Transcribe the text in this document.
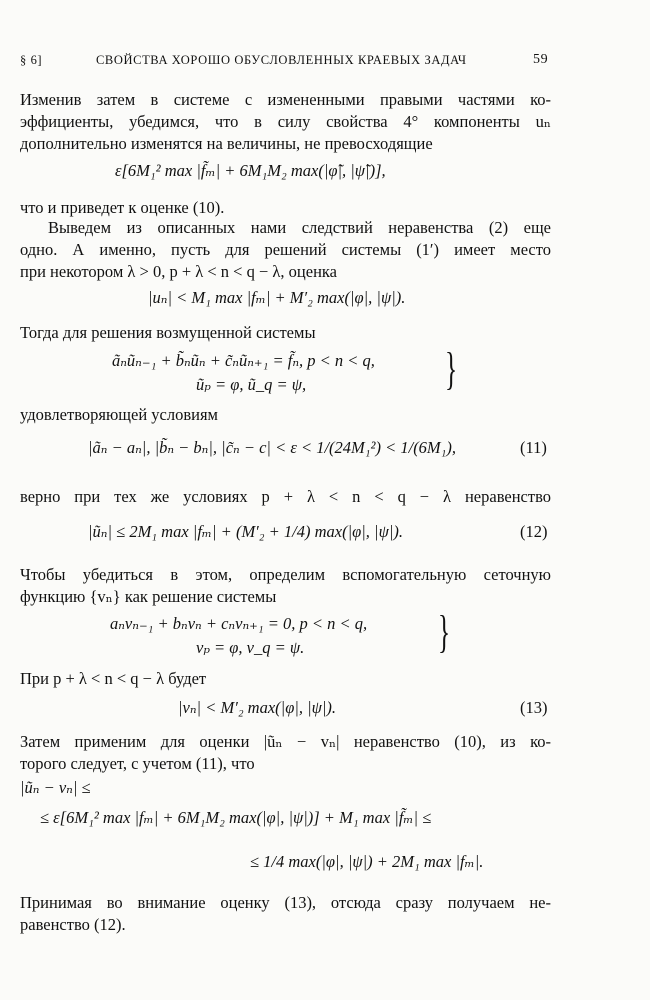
§ 6]	СВОЙСТВА ХОРОШО ОБУСЛОВЛЕННЫХ КРАЕВЫХ ЗАДАЧ	59
Изменив затем в системе с измененными правыми частями ко-
эффициенты, убедимся, что в силу свойства 4° компоненты uₙ
дополнительно изменятся на величины, не превосходящие
ε[6M₁² max |f̃ₘ| + 6M₁M₂ max(|φ̃|, |ψ̃|)],
что и приведет к оценке (10).
Выведем из описанных нами следствий неравенства (2) еще
одно. А именно, пусть для решений системы (1′) имеет место
при некотором λ > 0, p + λ < n < q − λ, оценка
|uₙ| < M₁ max |fₘ| + M′₂ max(|φ|, |ψ|).
Тогда для решения возмущенной системы
ãₙũₙ₋₁ + b̃ₙũₙ + c̃ₙũₙ₊₁ = f̃ₙ, p < n < q,
ũₚ = φ, ũ_q = ψ,	}
удовлетворяющей условиям
|ãₙ − aₙ|, |b̃ₙ − bₙ|, |c̃ₙ − c| < ε < 1/(24M₁²) < 1/(6M₁),	(11)
верно при тех же условиях p + λ < n < q − λ неравенство
|ũₙ| ≤ 2M₁ max |fₘ| + (M′₂ + 1/4) max(|φ|, |ψ|).	(12)
Чтобы убедиться в этом, определим вспомогательную сеточную
функцию {vₙ} как решение системы
aₙvₙ₋₁ + bₙvₙ + cₙvₙ₊₁ = 0, p < n < q,
vₚ = φ, v_q = ψ.	}
При p + λ < n < q − λ будет
|vₙ| < M′₂ max(|φ|, |ψ|).	(13)
Затем применим для оценки |ũₙ − vₙ| неравенство (10), из ко-
торого следует, с учетом (11), что
|ũₙ − vₙ| ≤
≤ ε[6M₁² max |fₘ| + 6M₁M₂ max(|φ|, |ψ|)] + M₁ max |f̃ₘ| ≤
≤ 1/4 max(|φ|, |ψ|) + 2M₁ max |fₘ|.
Принимая во внимание оценку (13), отсюда сразу получаем не-
равенство (12).
